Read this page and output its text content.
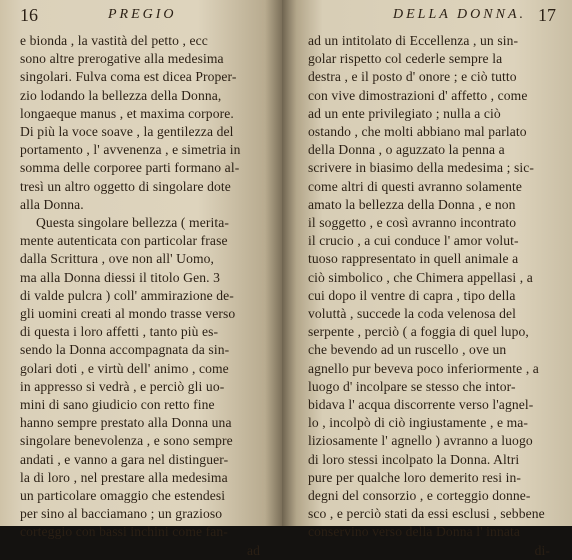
16	PREGIO
e bionda , la vastità del petto , ecc
sono altre prerogative alla medesima
singolari. Fulva coma est dicea Proper-
zio lodando la bellezza della Donna,
longaeque manus , et maxima corpore.
Di più la voce soave , la gentilezza del
portamento , l' avvenenza , e simetria in
somma delle corporee parti formano al-
tresì un altro oggetto di singolare dote
alla Donna.
Questa singolare bellezza ( merita-
mente autenticata con particolar frase
dalla Scrittura , ove non all' Uomo,
ma alla Donna diessi il titolo Gen. 3
di valde pulcra ) coll' ammirazione de-
gli uomini creati al mondo trasse verso
di questa i loro affetti , tanto più es-
sendo la Donna accompagnata da sin-
golari doti , e virtù dell' animo , come
in appresso si vedrà , e perciò gli uo-
mini di sano giudicio con retto fine
hanno sempre prestato alla Donna una
singolare benevolenza , e sono sempre
andati , e vanno a gara nel distinguer-
la di loro , nel prestare alla medesima
un particolare omaggio che estendesi
per sino al bacciamano ; un grazioso
corteggio con bassi inchini come fan-
ad
DELLA DONNA. 17
ad un intitolato di Eccellenza , un sin-
golar rispetto col cederle sempre la
destra , e il posto d' onore ; e ciò tutto
con vive dimostrazioni d' affetto , come
ad un ente privilegiato ; nulla a ciò
ostando , che molti abbiano mal parlato
della Donna , o aguzzato la penna a
scrivere in biasimo della medesima ; sic-
come altri di questi avranno solamente
amato la bellezza della Donna , e non
il soggetto , e così avranno incontrato
il crucio , a cui conduce l' amor volut-
tuoso rappresentato in quell animale a
ciò simbolico , che Chimera appellasi , a
cui dopo il ventre di capra , tipo della
voluttà , succede la coda velenosa del
serpente , perciò ( a foggia di quel lupo,
che bevendo ad un ruscello , ove un
agnello pur beveva poco inferiormente , a
luogo d' incolpare se stesso che intor-
bidava l' acqua discorrente verso l'agnel-
lo , incolpò di ciò ingiustamente , e ma-
liziosamente l' agnello ) avranno a luogo
di loro stessi incolpato la Donna. Altri
pure per qualche loro demerito resi in-
degni del consorzio , e corteggio donne-
sco , e perciò stati da essi esclusi , sebbene
conservino verso della Donna l' innata
di-
